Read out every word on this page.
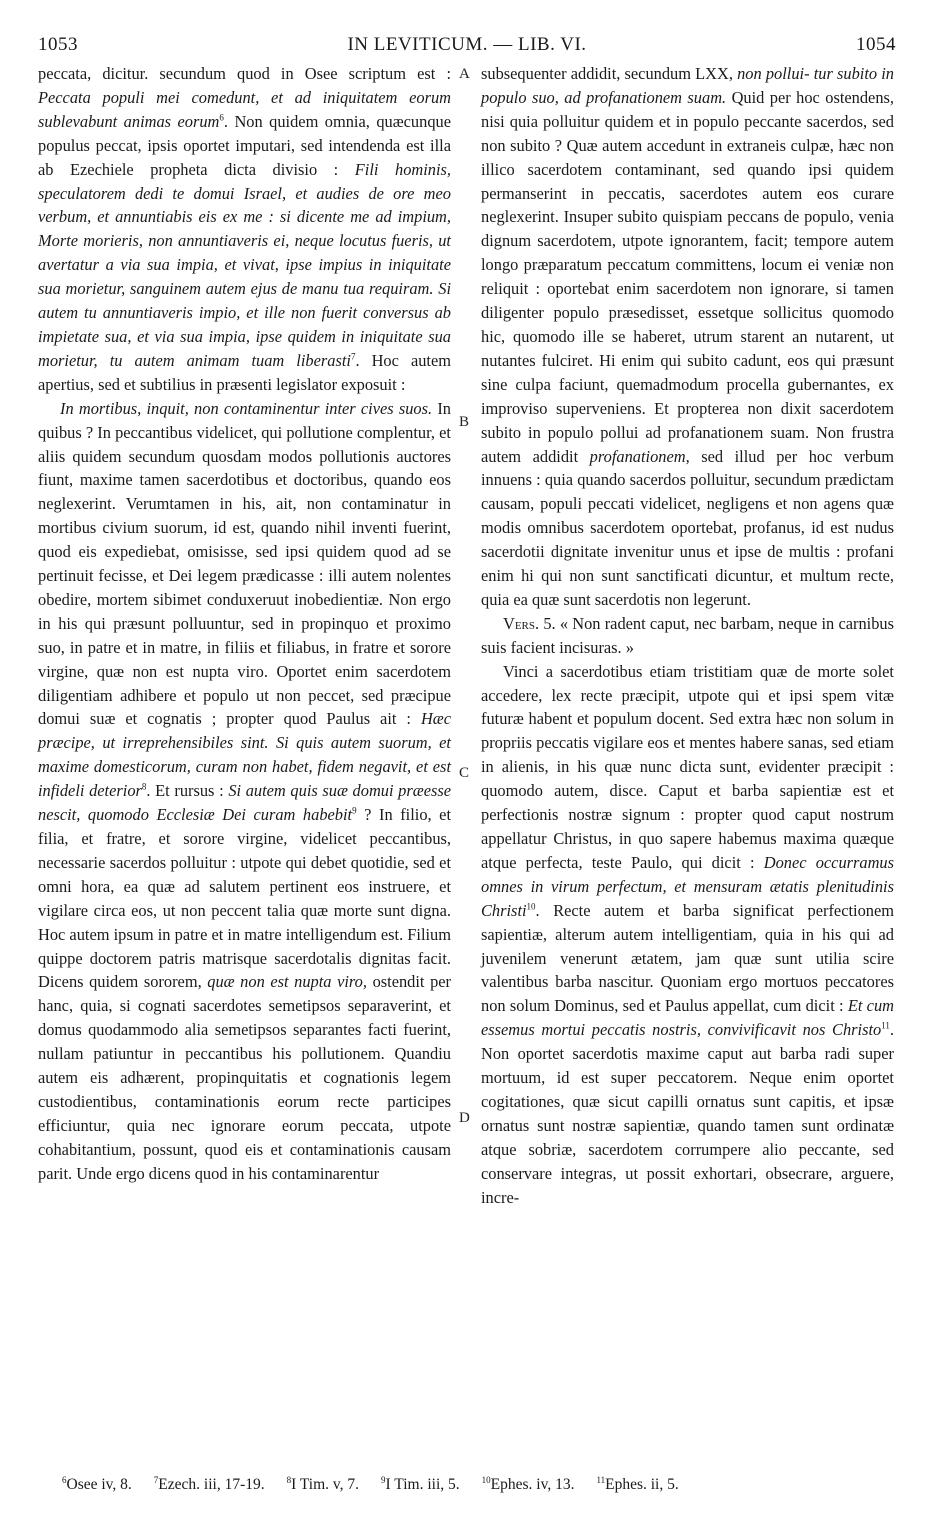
1053	IN LEVITICUM. — LIB. VI.	1054
A
B
C
D

peccata, dicitur. secundum quod in Osee scriptum est : Peccata populi mei comedunt, et ad iniquitatem eorum sublevabunt animas eorum$^6$. Non quidem omnia, quæcunque populus peccat, ipsis oportet imputari, sed intendenda est illa ab Ezechiele propheta dicta divisio : Fili hominis, speculatorem dedi te domui Israel, et audies de ore meo verbum, et annuntiabis eis ex me : si dicente me ad impium, Morte morieris, non annuntiaveris ei, neque locutus fueris, ut avertatur a via sua impia, et vivat, ipse impius in iniquitate sua morietur, sanguinem autem ejus de manu tua requiram. Si autem tu annuntiaveris impio, et ille non fuerit conversus ab impietate sua, et via sua impia, ipse quidem in iniquitate sua morietur, tu autem animam tuam liberasti$^7$. Hoc autem apertius, sed et subtilius in præsenti legislator exposuit :

In mortibus, inquit, non contaminentur inter cives suos. In quibus ? In peccantibus videlicet, qui pollutione complentur, et aliis quidem secundum quosdam modos pollutionis auctores fiunt, maxime tamen sacerdotibus et doctoribus, quando eos neglexerint. Verumtamen in his, ait, non contaminatur in mortibus civium suorum, id est, quando nihil inventi fuerint, quod eis expediebat, omisisse, sed ipsi quidem quod ad se pertinuit fecisse, et Dei legem prædicasse : illi autem nolentes obedire, mortem sibimet conduxeruut inobedientiæ. Non ergo in his qui præsunt polluuntur, sed in propinquo et proximo suo, in patre et in matre, in filiis et filiabus, in fratre et sorore virgine, quæ non est nupta viro. Oportet enim sacerdotem diligentiam adhibere et populo ut non peccet, sed præcipue domui suæ et cognatis ; propter quod Paulus ait : Hæc præcipe, ut irreprehensibiles sint. Si quis autem suorum, et maxime domesticorum, curam non habet, fidem negavit, et est infideli deterior$^8$. Et rursus : Si autem quis suæ domui præesse nescit, quomodo Ecclesiæ Dei curam habebit$^9$ ? In filio, et filia, et fratre, et sorore virgine, videlicet peccantibus, necessarie sacerdos polluitur : utpote qui debet quotidie, sed et omni hora, ea quæ ad salutem pertinent eos instruere, et vigilare circa eos, ut non peccent talia quæ morte sunt digna. Hoc autem ipsum in patre et in matre intelligendum est. Filium quippe doctorem patris matrisque sacerdotalis dignitas facit. Dicens quidem sororem, quæ non est nupta viro, ostendit per hanc, quia, si cognati sacerdotes semetipsos separaverint, et domus quodammodo alia semetipsos separantes facti fuerint, nullam patiuntur in peccantibus his pollutionem. Quandiu autem eis adhærent, propinquitatis et cognationis legem custodientibus, contaminationis eorum recte participes efficiuntur, quia nec ignorare eorum peccata, utpote cohabitantium, possunt, quod eis et contaminationis causam parit. Unde ergo dicens quod in his contaminarentur

subsequenter addidit, secundum LXX, non pollui- tur subito in populo suo, ad profanationem suam. Quid per hoc ostendens, nisi quia polluitur quidem et in populo peccante sacerdos, sed non subito ? Quæ autem accedunt in extraneis culpæ, hæc non illico sacerdotem contaminant, sed quando ipsi quidem permanserint in peccatis, sacerdotes autem eos curare neglexerint. Insuper subito quispiam peccans de populo, venia dignum sacerdotem, utpote ignorantem, facit; tempore autem longo præparatum peccatum committens, locum ei veniæ non reliquit : oportebat enim sacerdotem non ignorare, si tamen diligenter populo præsedisset, essetque sollicitus quomodo hic, quomodo ille se haberet, utrum starent an nutarent, ut nutantes fulciret. Hi enim qui subito cadunt, eos qui præsunt sine culpa faciunt, quemadmodum procella gubernantes, ex improviso superveniens. Et propterea non dixit sacerdotem subito in populo pollui ad profanationem suam. Non frustra autem addidit profanationem, sed illud per hoc verbum innuens : quia quando sacerdos polluitur, secundum prædictam causam, populi peccati videlicet, negligens et non agens quæ modis omnibus sacerdotem oportebat, profanus, id est nudus sacerdotii dignitate invenitur unus et ipse de multis : profani enim hi qui non sunt sanctificati dicuntur, et multum recte, quia ea quæ sunt sacerdotis non legerunt.

Vers. 5. « Non radent caput, nec barbam, neque in carnibus suis facient incisuras. »

Vinci a sacerdotibus etiam tristitiam quæ de morte solet accedere, lex recte præcipit, utpote qui et ipsi spem vitæ futuræ habent et populum docent. Sed extra hæc non solum in propriis peccatis vigilare eos et mentes habere sanas, sed etiam in alienis, in his quæ nunc dicta sunt, evidenter præcipit : quomodo autem, disce. Caput et barba sapientiæ est et perfectionis nostræ signum : propter quod caput nostrum appellatur Christus, in quo sapere habemus maxima quæque atque perfecta, teste Paulo, qui dicit : Donec occurramus omnes in virum perfectum, et mensuram ætatis plenitudinis Christi$^{10}$. Recte autem et barba significat perfectionem sapientiæ, alterum autem intelligentiam, quia in his qui ad juvenilem venerunt ætatem, jam quæ sunt utilia scire valentibus barba nascitur. Quoniam ergo mortuos peccatores non solum Dominus, sed et Paulus appellat, cum dicit : Et cum essemus mortui peccatis nostris, convivificavit nos Christo$^{11}$. Non oportet sacerdotis maxime caput aut barba radi super mortuum, id est super peccatorem. Neque enim oportet cogitationes, quæ sicut capilli ornatus sunt capitis, et ipsæ ornatus sunt nostræ sapientiæ, quando tamen sunt ordinatæ atque sobriæ, sacerdotem corrumpere alio peccante, sed conservare integras, ut possit exhortari, obsecrare, arguere, incre-

$^6$Osee iv, 8. $^7$Ezech. iii, 17-19. $^8$I Tim. v, 7. $^9$I Tim. iii, 5. $^{10}$Ephes. iv, 13. $^{11}$Ephes. ii, 5.
